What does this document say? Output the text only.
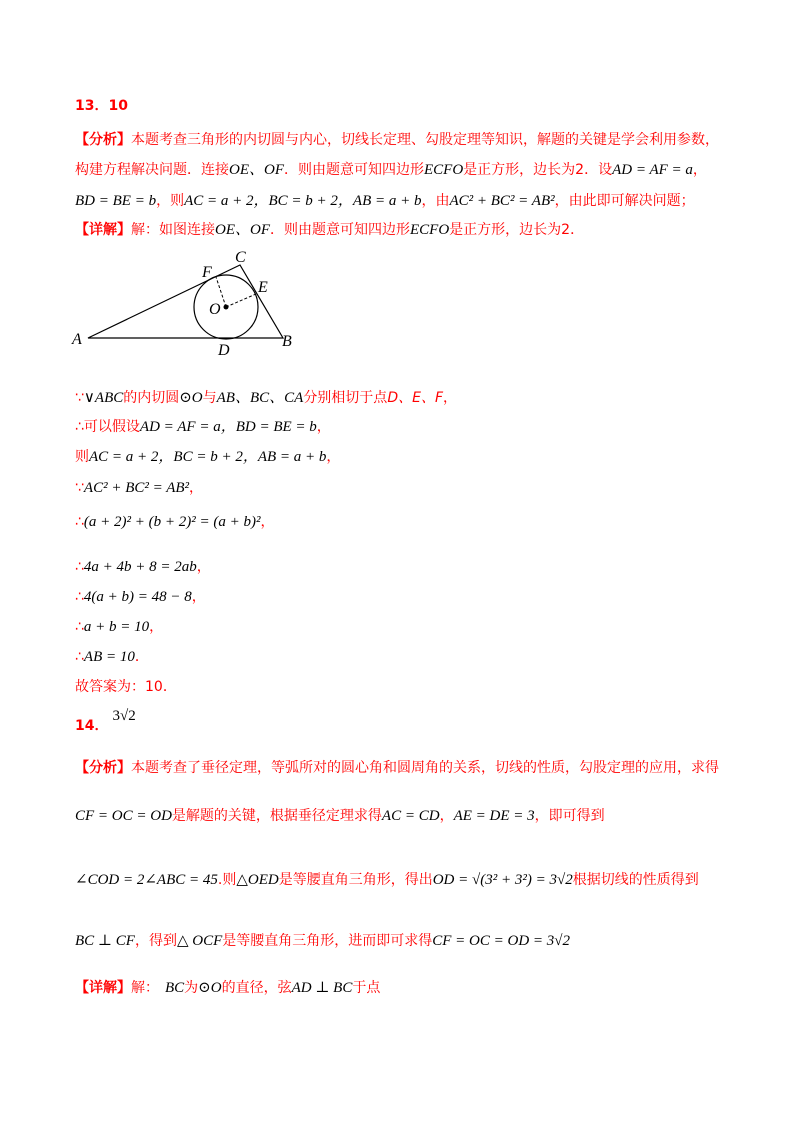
13．10
【分析】本题考查三角形的内切圆与内心，切线长定理、勾股定理等知识，解题的关键是学会利用参数，
构建方程解决问题．连接OE、OF．则由题意可知四边形ECFO是正方形，边长为2．设AD = AF = a，
BD = BE = b，则AC = a + 2，BC = b + 2，AB = a + b，由AC² + BC² = AB²，由此即可解决问题；
【详解】解：如图连接OE、OF．则由题意可知四边形ECFO是正方形，边长为2．
A	B
C
D
E
F
O
∵∨ABC的内切圆⊙O与AB、BC、CA分别相切于点D、E、F，
∴可以假设AD = AF = a，BD = BE = b，
则AC = a + 2，BC = b + 2，AB = a + b，
∵AC² + BC² = AB²，
∴(a + 2)² + (b + 2)² = (a + b)²，
∴4a + 4b + 8 = 2ab，
∴4(a + b) = 48 − 8，
∴a + b = 10，
∴AB = 10．
故答案为：10．
14．3√2
【分析】本题考查了垂径定理，等弧所对的圆心角和圆周角的关系，切线的性质，勾股定理的应用，求得
CF = OC = OD是解题的关键，根据垂径定理求得AC = CD，AE = DE = 3，即可得到
∠COD = 2∠ABC = 45.则△OED是等腰直角三角形，得出OD = √(3² + 3²) = 3√2根据切线的性质得到
BC ⊥ CF，得到△ OCF是等腰直角三角形，进而即可求得CF = OC = OD = 3√2
【详解】解： BC为⊙O的直径，弦AD ⊥ BC于点
